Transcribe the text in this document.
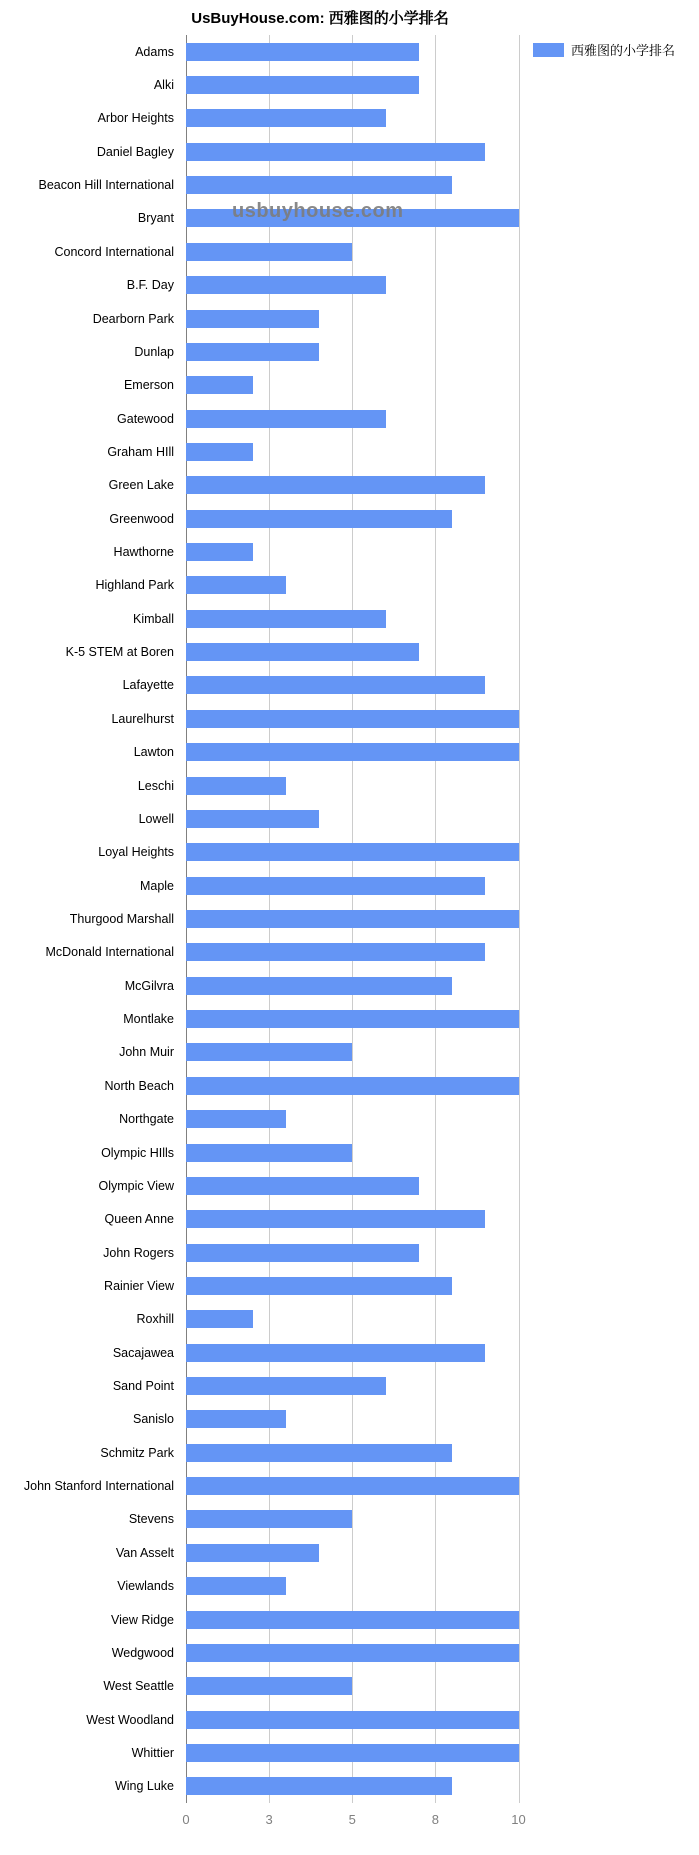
UsBuyHouse.com: 西雅图的小学排名
西雅图的小学排名
Adams
Alki
Arbor Heights
Daniel Bagley
Beacon Hill International
Bryant
Concord International
B.F. Day
Dearborn Park
Dunlap
Emerson
Gatewood
Graham HIll
Green Lake
Greenwood
Hawthorne
Highland Park
Kimball
K-5 STEM at Boren
Lafayette
Laurelhurst
Lawton
Leschi
Lowell
Loyal Heights
Maple
Thurgood Marshall
McDonald International
McGilvra
Montlake
John Muir
North Beach
Northgate
Olympic HIlls
Olympic View
Queen Anne
John Rogers
Rainier View
Roxhill
Sacajawea
Sand Point
Sanislo
Schmitz Park
John Stanford International
Stevens
Van Asselt
Viewlands
View Ridge
Wedgwood
West Seattle
West Woodland
Whittier
Wing Luke
0	3	5	8	10
usbuyhouse.com
